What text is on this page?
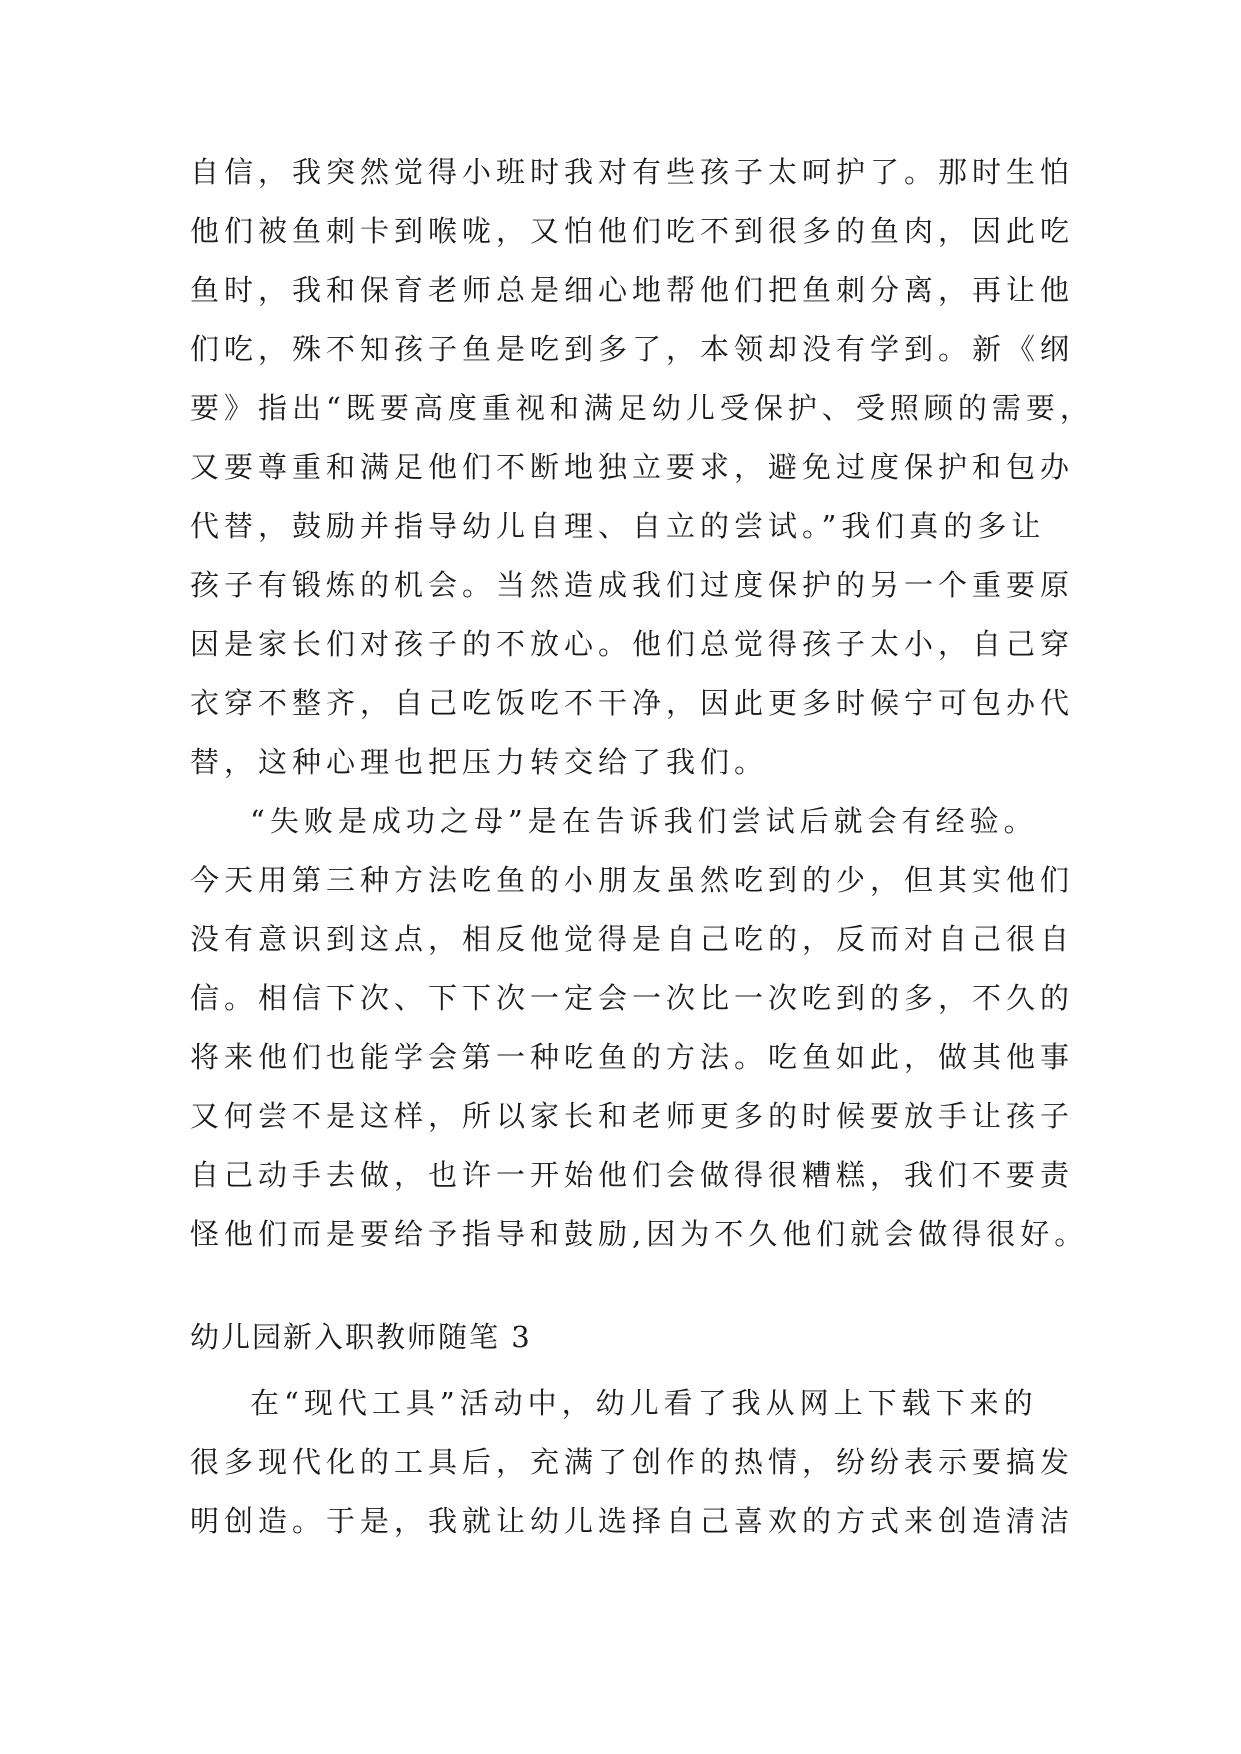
自信，我突然觉得小班时我对有些孩子太呵护了。那时生怕
他们被鱼刺卡到喉咙，又怕他们吃不到很多的鱼肉，因此吃
鱼时，我和保育老师总是细心地帮他们把鱼刺分离，再让他
们吃，殊不知孩子鱼是吃到多了，本领却没有学到。新《纲
要》指出“既要高度重视和满足幼儿受保护、受照顾的需要，
又要尊重和满足他们不断地独立要求，避免过度保护和包办
代替，鼓励并指导幼儿自理、自立的尝试。”我们真的多让
孩子有锻炼的机会。当然造成我们过度保护的另一个重要原
因是家长们对孩子的不放心。他们总觉得孩子太小，自己穿
衣穿不整齐，自己吃饭吃不干净，因此更多时候宁可包办代
替，这种心理也把压力转交给了我们。
“失败是成功之母”是在告诉我们尝试后就会有经验。
今天用第三种方法吃鱼的小朋友虽然吃到的少，但其实他们
没有意识到这点，相反他觉得是自己吃的，反而对自己很自
信。相信下次、下下次一定会一次比一次吃到的多，不久的
将来他们也能学会第一种吃鱼的方法。吃鱼如此，做其他事
又何尝不是这样，所以家长和老师更多的时候要放手让孩子
自己动手去做，也许一开始他们会做得很糟糕，我们不要责
怪他们而是要给予指导和鼓励,因为不久他们就会做得很好。
幼儿园新入职教师随笔 3
在“现代工具”活动中，幼儿看了我从网上下载下来的
很多现代化的工具后，充满了创作的热情，纷纷表示要搞发
明创造。于是，我就让幼儿选择自己喜欢的方式来创造清洁
